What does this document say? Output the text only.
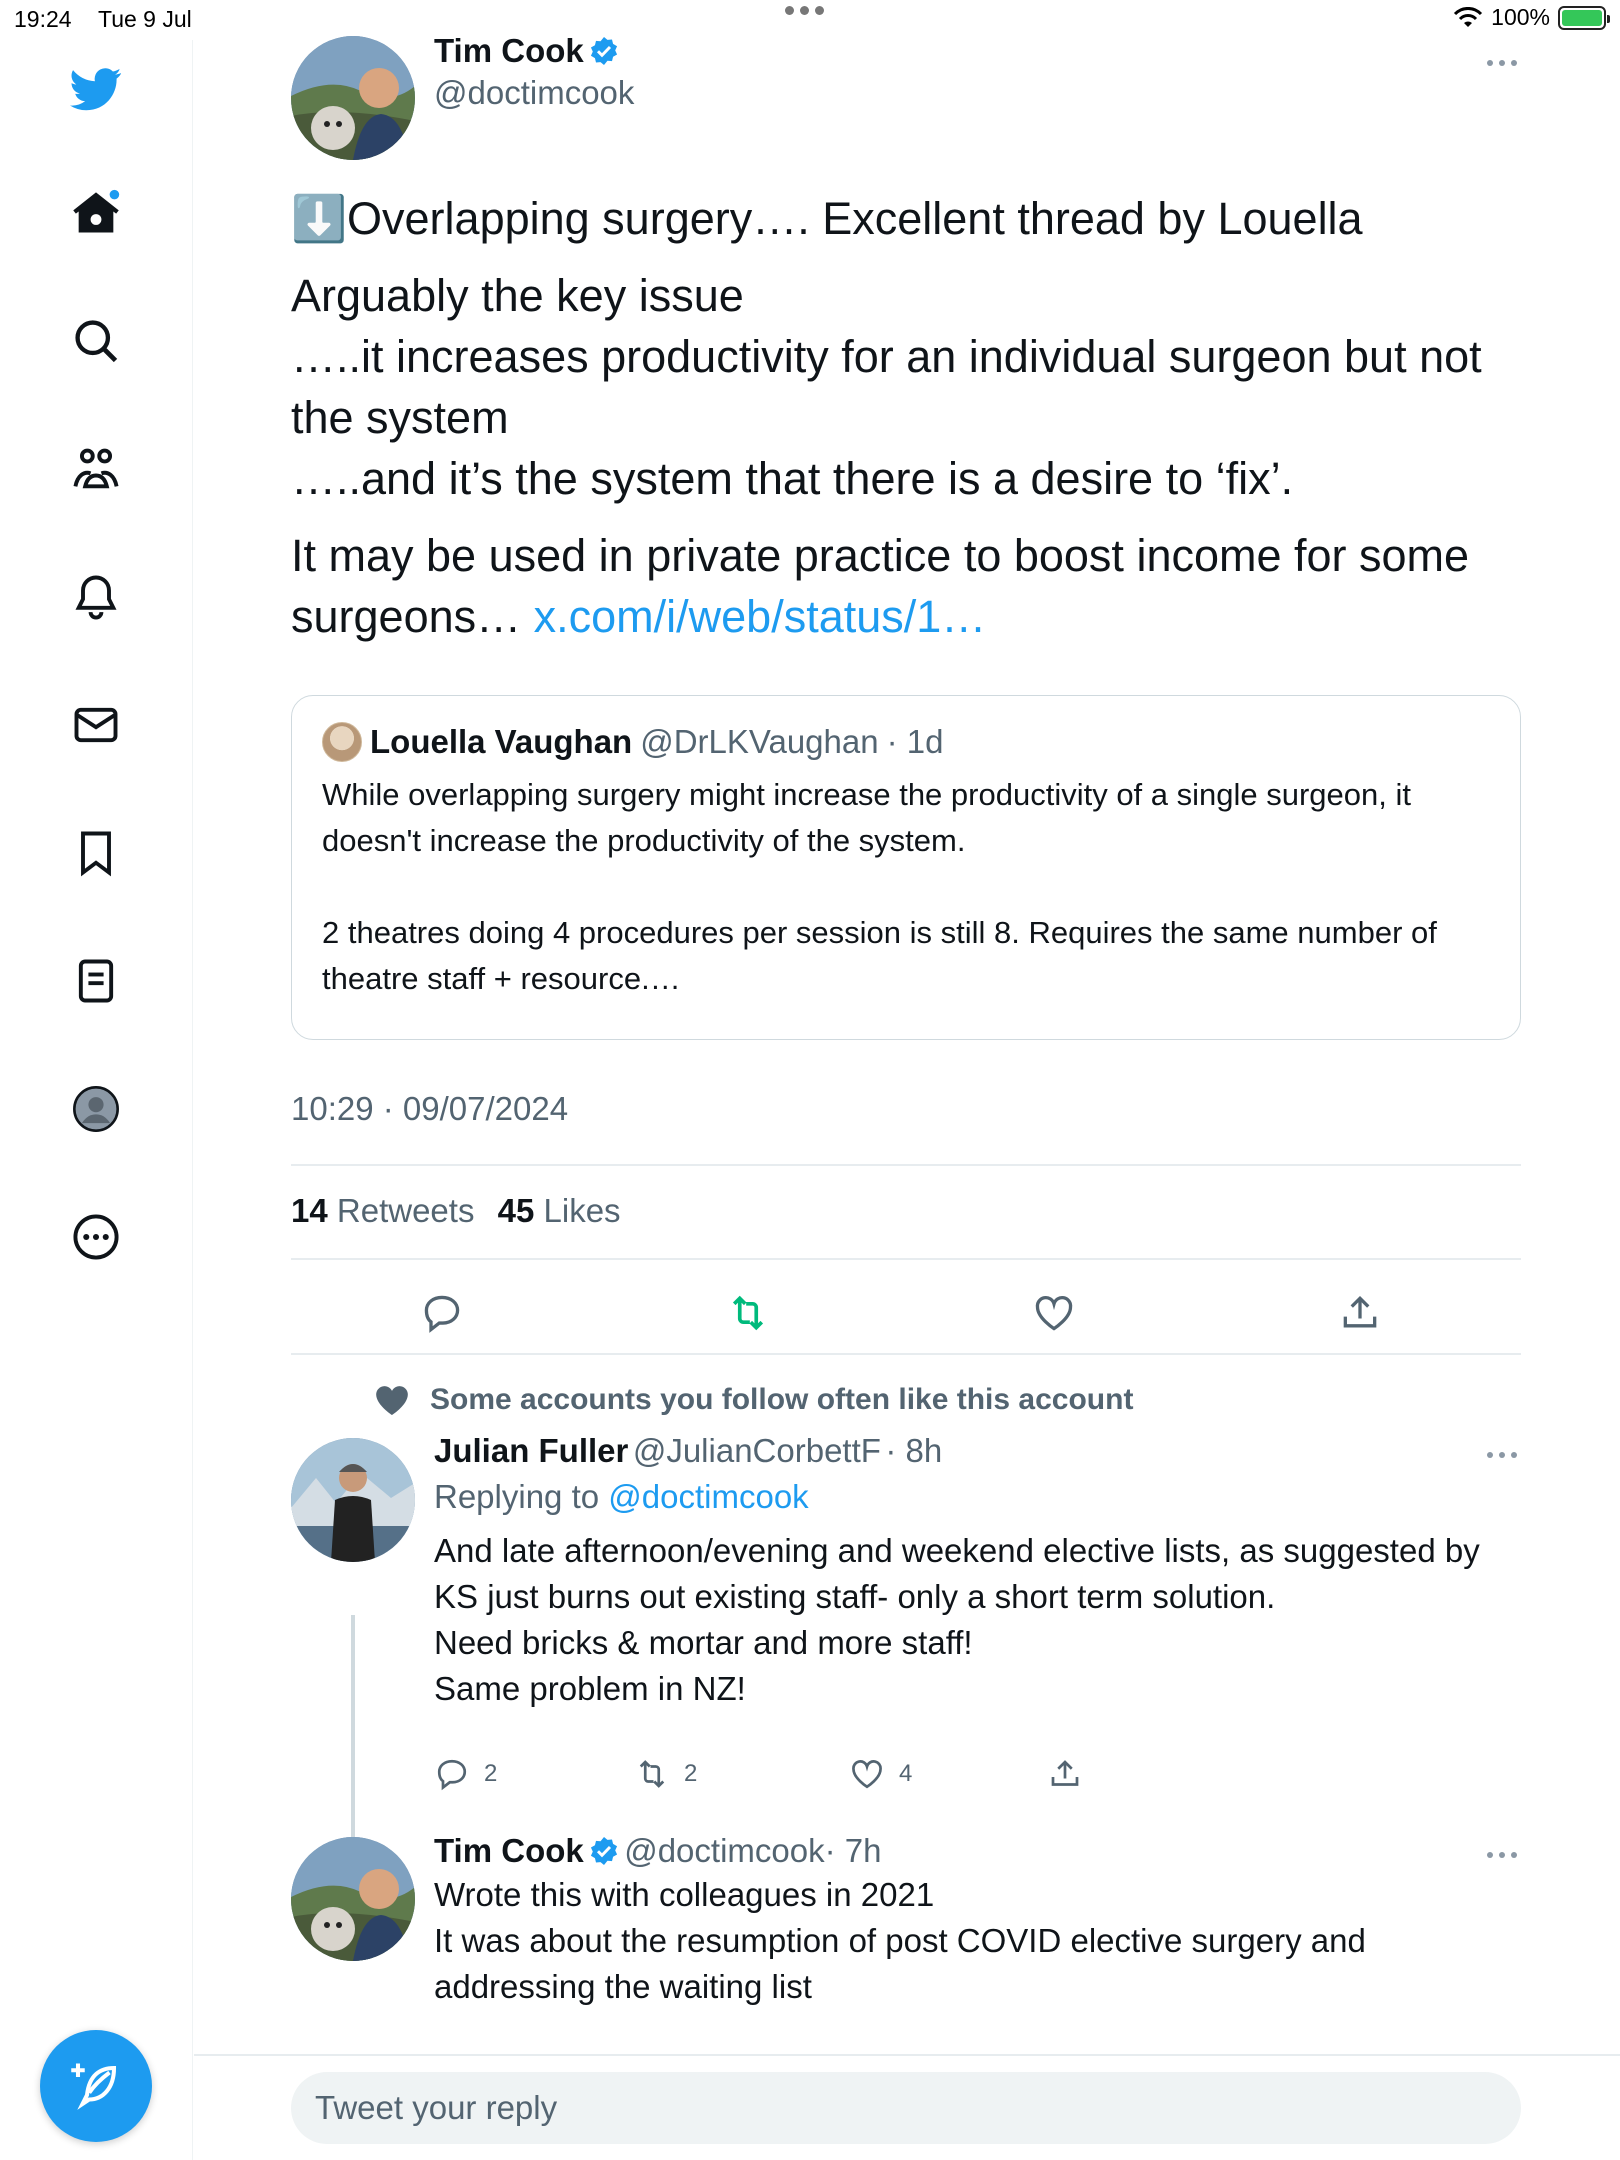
19:24 Tue 9 Jul	100%
Tim Cook
@doctimcook

⬇️Overlapping surgery…. Excellent thread by Louella

Arguably the key issue
…..it increases productivity for an individual surgeon but not the system
…..and it’s the system that there is a desire to ‘fix’.

It may be used in private practice to boost income for some surgeons… x.com/i/web/status/1…

Louella Vaughan @DrLKVaughan · 1d
While overlapping surgery might increase the productivity of a single surgeon, it doesn't increase the productivity of the system.
2 theatres doing 4 procedures per session is still 8. Requires the same number of theatre staff + resource.…
10:29 · 09/07/2024
14 Retweets 45 Likes
Some accounts you follow often like this account
Julian Fuller @JulianCorbettF · 8h
Replying to @doctimcook
And late afternoon/evening and weekend elective lists, as suggested by
KS just burns out existing staff- only a short term solution.
Need bricks & mortar and more staff!
Same problem in NZ!
2	2	4
Tim Cook @doctimcook· 7h
Wrote this with colleagues in 2021
It was about the resumption of post COVID elective surgery and
addressing the waiting list
Tweet your reply
